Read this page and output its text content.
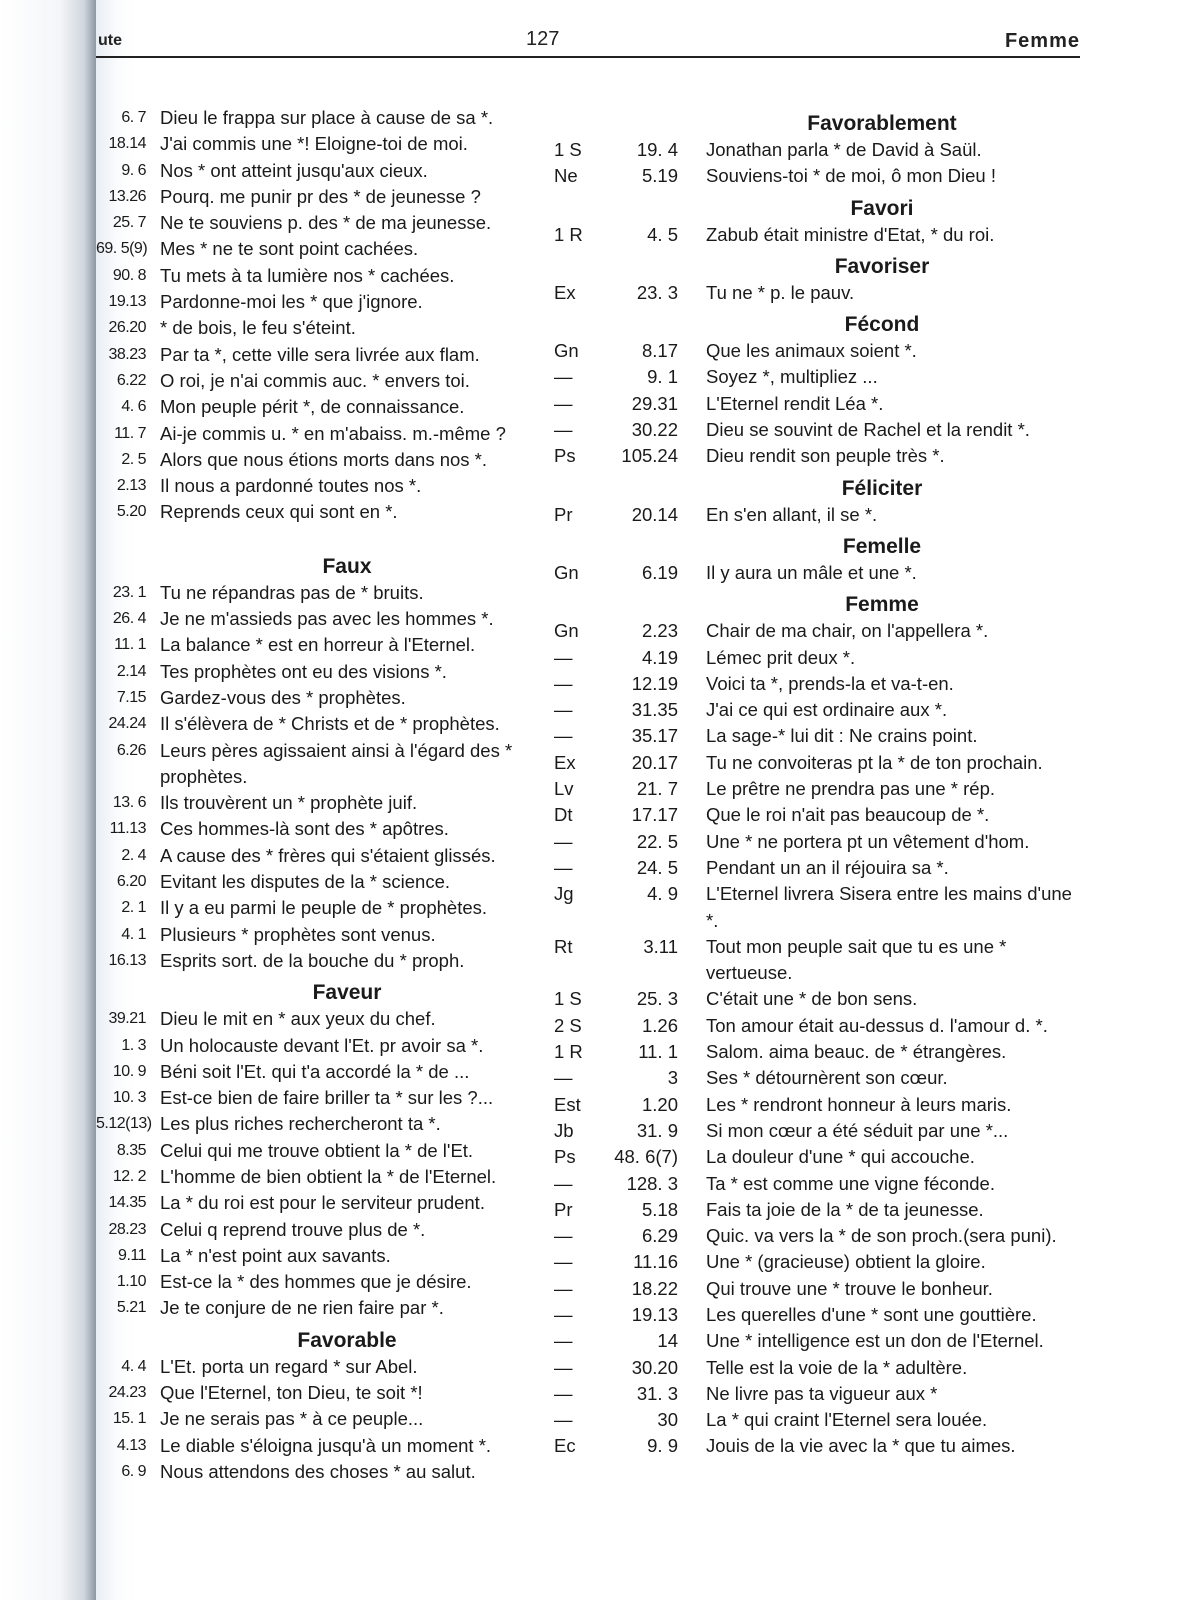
ute	127	Femme
6. 7 Dieu le frappa sur place à cause de sa *.
18.14 J'ai commis une *! Eloigne-toi de moi.
9. 6 Nos * ont atteint jusqu'aux cieux.
13.26 Pourq. me punir pr des * de jeunesse ?
25. 7 Ne te souviens p. des * de ma jeunesse.
69. 5(9) Mes * ne te sont point cachées.
90. 8 Tu mets à ta lumière nos * cachées.
19.13 Pardonne-moi les * que j'ignore.
26.20 * de bois, le feu s'éteint.
38.23 Par ta *, cette ville sera livrée aux flam.
6.22 O roi, je n'ai commis auc. * envers toi.
4. 6 Mon peuple périt *, de connaissance.
11. 7 Ai-je commis u. * en m'abaiss. m.-même ?
2. 5 Alors que nous étions morts dans nos *.
2.13 Il nous a pardonné toutes nos *.
5.20 Reprends ceux qui sont en *.
Faux
23. 1 Tu ne répandras pas de * bruits.
26. 4 Je ne m'assieds pas avec les hommes *.
11. 1 La balance * est en horreur à l'Eternel.
2.14 Tes prophètes ont eu des visions *.
7.15 Gardez-vous des * prophètes.
24.24 Il s'élèvera de * Christs et de * prophètes.
6.26 Leurs pères agissaient ainsi à l'égard des * prophètes.
13. 6 Ils trouvèrent un * prophète juif.
11.13 Ces hommes-là sont des * apôtres.
2. 4 A cause des * frères qui s'étaient glissés.
6.20 Evitant les disputes de la * science.
2. 1 Il y a eu parmi le peuple de * prophètes.
4. 1 Plusieurs * prophètes sont venus.
16.13 Esprits sort. de la bouche du * proph.
Faveur
39.21 Dieu le mit en * aux yeux du chef.
1. 3 Un holocauste devant l'Et. pr avoir sa *.
10. 9 Béni soit l'Et. qui t'a accordé la * de ...
10. 3 Est-ce bien de faire briller ta * sur les ?...
5.12(13) Les plus riches rechercheront ta *.
8.35 Celui qui me trouve obtient la * de l'Et.
12. 2 L'homme de bien obtient la * de l'Eternel.
14.35 La * du roi est pour le serviteur prudent.
28.23 Celui q reprend trouve plus de *.
9.11 La * n'est point aux savants.
1.10 Est-ce la * des hommes que je désire.
5.21 Je te conjure de ne rien faire par *.
Favorable
4. 4 L'Et. porta un regard * sur Abel.
24.23 Que l'Eternel, ton Dieu, te soit *!
15. 1 Je ne serais pas * à ce peuple...
4.13 Le diable s'éloigna jusqu'à un moment *.
6. 9 Nous attendons des choses * au salut.
Favorablement
1 S	19. 4 Jonathan parla * de David à Saül.
Ne	5.19 Souviens-toi * de moi, ô mon Dieu !
Favori
1 R	4. 5 Zabub était ministre d'Etat, * du roi.
Favoriser
Ex	23. 3 Tu ne * p. le pauv.
Fécond
Gn	8.17 Que les animaux soient *.
—	9. 1 Soyez *, multipliez ...
—	29.31 L'Eternel rendit Léa *.
—	30.22 Dieu se souvint de Rachel et la rendit *.
Ps	105.24 Dieu rendit son peuple très *.
Féliciter
Pr	20.14 En s'en allant, il se *.
Femelle
Gn	6.19 Il y aura un mâle et une *.
Femme
Gn	2.23 Chair de ma chair, on l'appellera *.
—	4.19 Lémec prit deux *.
—	12.19 Voici ta *, prends-la et va-t-en.
—	31.35 J'ai ce qui est ordinaire aux *.
—	35.17 La sage-* lui dit : Ne crains point.
Ex	20.17 Tu ne convoiteras pt la * de ton prochain.
Lv	21. 7 Le prêtre ne prendra pas une * rép.
Dt	17.17 Que le roi n'ait pas beaucoup de *.
—	22. 5 Une * ne portera pt un vêtement d'hom.
—	24. 5 Pendant un an il réjouira sa *.
Jg	4. 9 L'Eternel livrera Sisera entre les mains d'une *.
Rt	3.11 Tout mon peuple sait que tu es une * vertueuse.
1 S	25. 3 C'était une * de bon sens.
2 S	1.26 Ton amour était au-dessus d. l'amour d. *.
1 R	11. 1 Salom. aima beauc. de * étrangères.
—	3 Ses * détournèrent son cœur.
Est	1.20 Les * rendront honneur à leurs maris.
Jb	31. 9 Si mon cœur a été séduit par une *...
Ps	48. 6(7) La douleur d'une * qui accouche.
—	128. 3 Ta * est comme une vigne féconde.
Pr	5.18 Fais ta joie de la * de ta jeunesse.
—	6.29 Quic. va vers la * de son proch.(sera puni).
—	11.16 Une * (gracieuse) obtient la gloire.
—	18.22 Qui trouve une * trouve le bonheur.
—	19.13 Les querelles d'une * sont une gouttière.
—	14 Une * intelligence est un don de l'Eternel.
—	30.20 Telle est la voie de la * adultère.
—	31. 3 Ne livre pas ta vigueur aux *
—	30 La * qui craint l'Eternel sera louée.
Ec	9. 9 Jouis de la vie avec la * que tu aimes.
